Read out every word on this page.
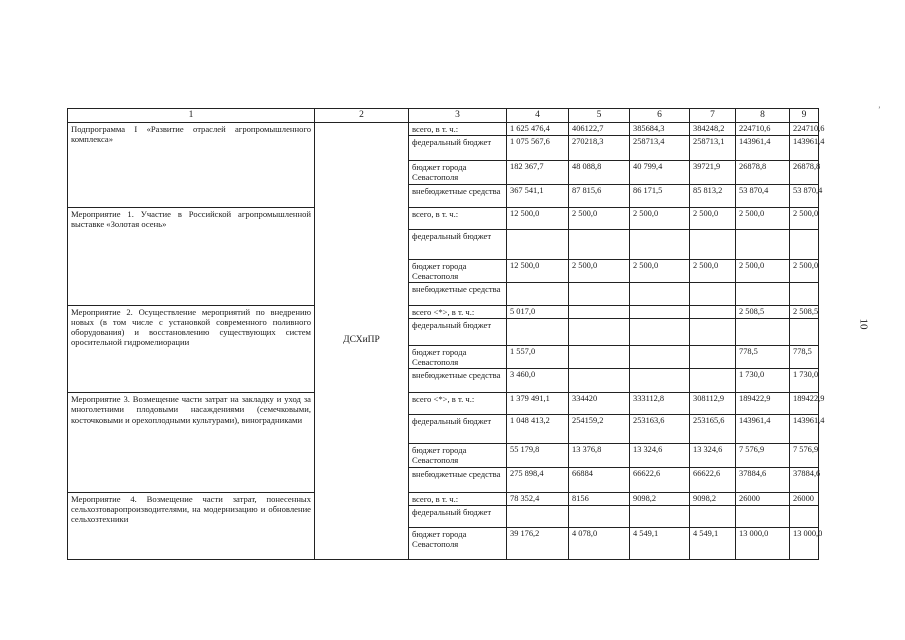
1	2	3	4	5	6	7	8	9
Подпрограмма I «Развитие отраслей агропромышленного комплекса»	ДСХиПР	всего, в т. ч.:	1 625 476,4	406122,7	385684,3	384248,2	224710,6	224710,6
		федеральный бюджет	1 075 567,6	270218,3	258713,4	258713,1	143961,4	143961,4
		бюджет города Севастополя	182 367,7	48 088,8	40 799,4	39721,9	26878,8	26878,8
		внебюджетные средства	367 541,1	87 815,6	86 171,5	85 813,2	53 870,4	53 870,4
Мероприятие 1. Участие в Российской агропромышленной выставке «Золотая осень»		всего, в т. ч.:	12 500,0	2 500,0	2 500,0	2 500,0	2 500,0	2 500,0
		федеральный бюджет						
		бюджет города Севастополя	12 500,0	2 500,0	2 500,0	2 500,0	2 500,0	2 500,0
		внебюджетные средства						
Мероприятие 2. Осуществление мероприятий по внедрению новых (в том числе с установкой современного поливного оборудования) и восстановлению существующих систем оросительной гидромелиорации		всего <*>, в т. ч.:	5 017,0				2 508,5	2 508,5
		федеральный бюджет						
		бюджет города Севастополя	1 557,0				778,5	778,5
		внебюджетные средства	3 460,0				1 730,0	1 730,0
Мероприятие 3. Возмещение части затрат на закладку и уход за многолетними плодовыми насаждениями (семечковыми, косточковыми и орехоплодными культурами), виноградниками		всего <*>, в т. ч.:	1 379 491,1	334420	333112,8	308112,9	189422,9	189422,9
		федеральный бюджет	1 048 413,2	254159,2	253163,6	253165,6	143961,4	143961,4
		бюджет города Севастополя	55 179,8	13 376,8	13 324,6	13 324,6	7 576,9	7 576,9
		внебюджетные средства	275 898,4	66884	66622,6	66622,6	37884,6	37884,6
Мероприятие 4. Возмещение части затрат, понесенных сельхозтоваропроизводителями, на модернизацию и обновление сельхозтехники		всего, в т. ч.:	78 352,4	8156	9098,2	9098,2	26000	26000
		федеральный бюджет						
		бюджет города Севастополя	39 176,2	4 078,0	4 549,1	4 549,1	13 000,0	13 000,0
10
’
